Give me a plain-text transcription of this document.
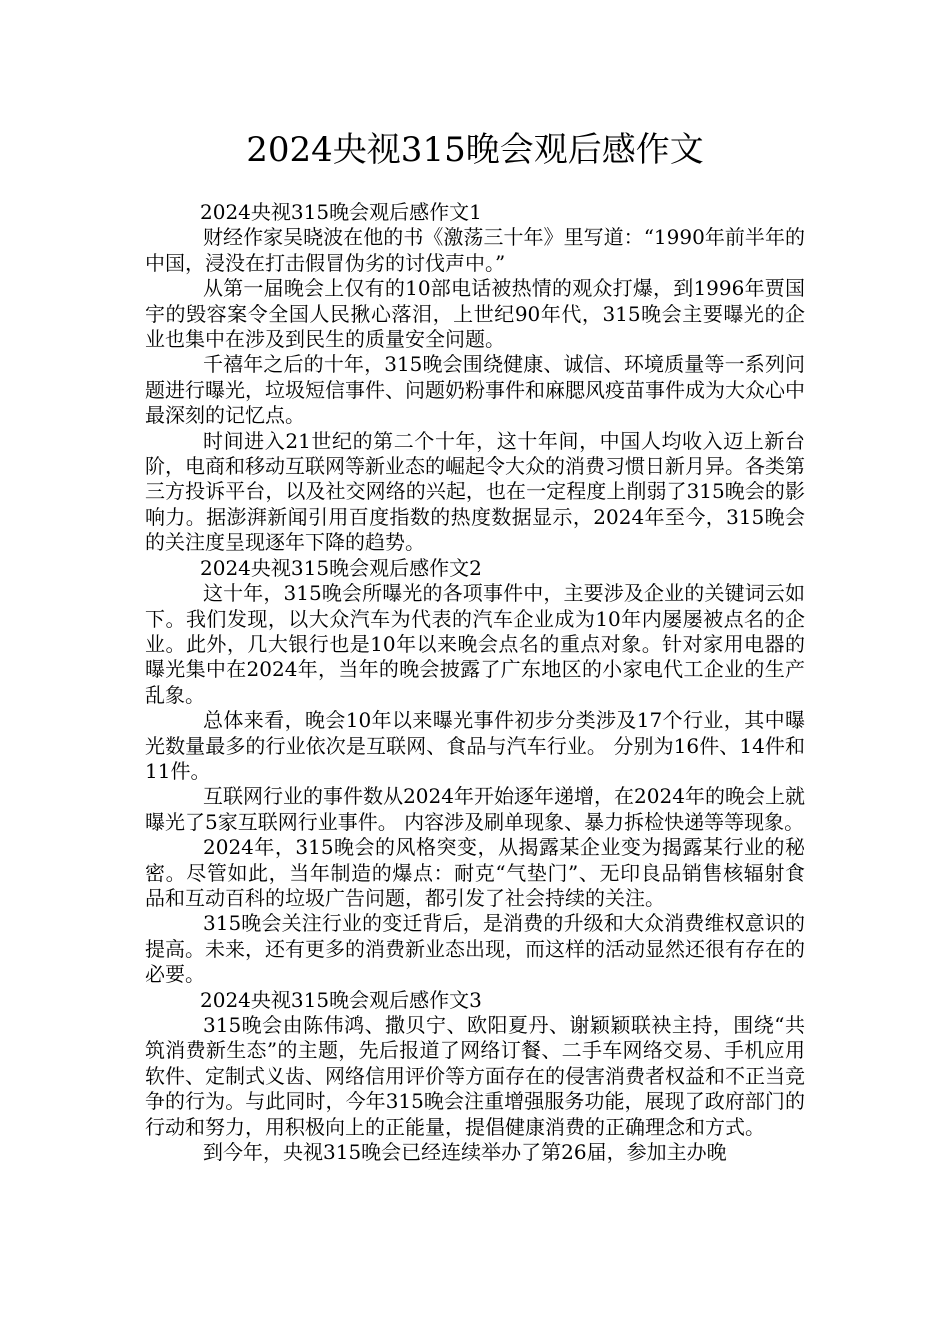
2024央视315晚会观后感作文

2024央视315晚会观后感作文1

财经作家吴晓波在他的书《激荡三十年》里写道：“1990年前半年的中国，浸没在打击假冒伪劣的讨伐声中。”

从第一届晚会上仅有的10部电话被热情的观众打爆，到1996年贾国宇的毁容案令全国人民揪心落泪，上世纪90年代，315晚会主要曝光的企业也集中在涉及到民生的质量安全问题。

千禧年之后的十年，315晚会围绕健康、诚信、环境质量等一系列问题进行曝光，垃圾短信事件、问题奶粉事件和麻腮风疫苗事件成为大众心中最深刻的记忆点。

时间进入21世纪的第二个十年，这十年间，中国人均收入迈上新台阶，电商和移动互联网等新业态的崛起令大众的消费习惯日新月异。各类第三方投诉平台，以及社交网络的兴起，也在一定程度上削弱了315晚会的影响力。据澎湃新闻引用百度指数的热度数据显示，2024年至今，315晚会的关注度呈现逐年下降的趋势。

2024央视315晚会观后感作文2

这十年，315晚会所曝光的各项事件中，主要涉及企业的关键词云如下。我们发现，以大众汽车为代表的汽车企业成为10年内屡屡被点名的企业。此外，几大银行也是10年以来晚会点名的重点对象。针对家用电器的曝光集中在2024年，当年的晚会披露了广东地区的小家电代工企业的生产乱象。

总体来看，晚会10年以来曝光事件初步分类涉及17个行业，其中曝光数量最多的行业依次是互联网、食品与汽车行业。 分别为16件、14件和11件。

互联网行业的事件数从2024年开始逐年递增，在2024年的晚会上就曝光了5家互联网行业事件。 内容涉及刷单现象、暴力拆检快递等等现象。

2024年，315晚会的风格突变，从揭露某企业变为揭露某行业的秘密。尽管如此，当年制造的爆点：耐克“气垫门”、无印良品销售核辐射食品和互动百科的垃圾广告问题，都引发了社会持续的关注。

315晚会关注行业的变迁背后，是消费的升级和大众消费维权意识的提高。未来，还有更多的消费新业态出现，而这样的活动显然还很有存在的必要。

2024央视315晚会观后感作文3

315晚会由陈伟鸿、撒贝宁、欧阳夏丹、谢颖颖联袂主持，围绕“共筑消费新生态”的主题，先后报道了网络订餐、二手车网络交易、手机应用软件、定制式义齿、网络信用评价等方面存在的侵害消费者权益和不正当竞争的行为。与此同时，今年315晚会注重增强服务功能，展现了政府部门的行动和努力，用积极向上的正能量，提倡健康消费的正确理念和方式。

到今年，央视315晚会已经连续举办了第26届，参加主办晚
